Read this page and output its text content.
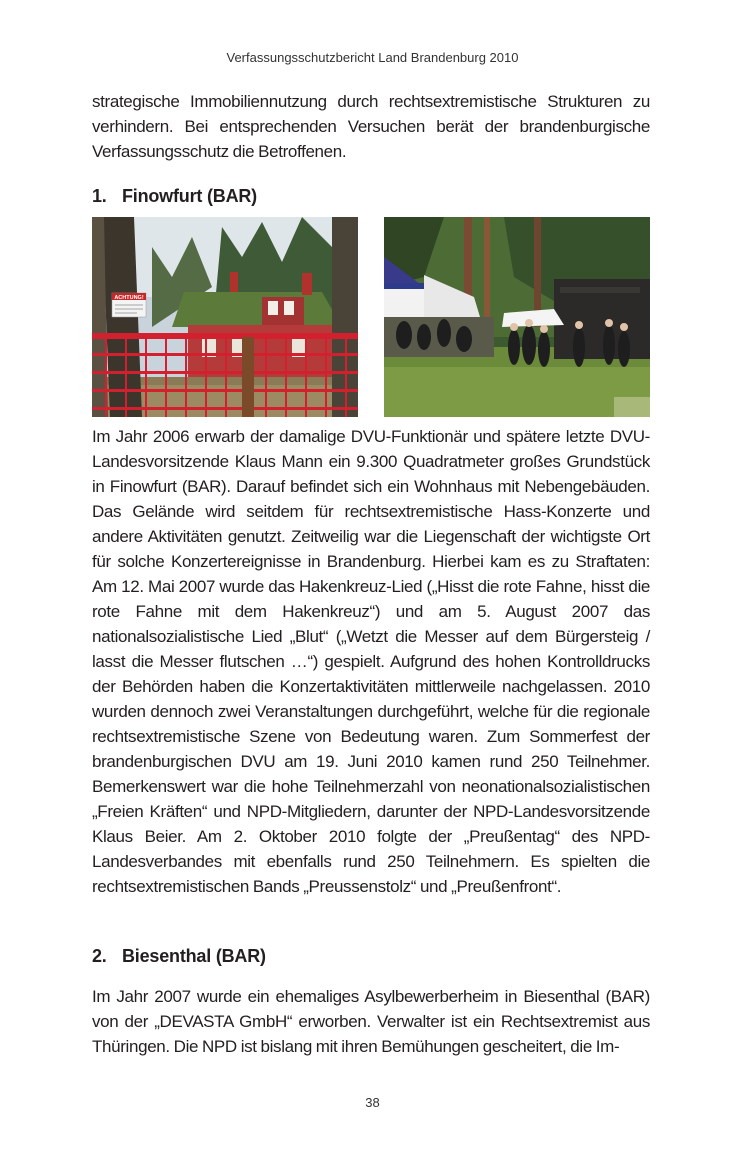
Verfassungsschutzbericht Land Brandenburg 2010

strategische Immobiliennutzung durch rechtsextremistische Strukturen zu verhindern. Bei entsprechenden Versuchen berät der brandenburgische Verfassungsschutz die Betroffenen.

1. Finowfurt (BAR)
ACHTUNG!

Im Jahr 2006 erwarb der damalige DVU-Funktionär und spätere letzte DVU-Landesvorsitzende Klaus Mann ein 9.300 Quadratmeter großes Grundstück in Finowfurt (BAR). Darauf befindet sich ein Wohnhaus mit Nebengebäuden. Das Gelände wird seitdem für rechtsextremistische Hass-Konzerte und andere Aktivitäten genutzt. Zeitweilig war die Liegenschaft der wichtigste Ort für solche Konzertereignisse in Brandenburg. Hierbei kam es zu Straftaten: Am 12. Mai 2007 wurde das Hakenkreuz-Lied („Hisst die rote Fahne, hisst die rote Fahne mit dem Hakenkreuz“) und am 5. August 2007 das nationalsozialistische Lied „Blut“ („Wetzt die Messer auf dem Bürgersteig / lasst die Messer flutschen …“) gespielt. Aufgrund des hohen Kontrolldrucks der Behörden haben die Konzertaktivitäten mittlerweile nachgelassen. 2010 wurden dennoch zwei Veranstaltungen durchgeführt, welche für die regionale rechtsextremistische Szene von Bedeutung waren. Zum Sommerfest der brandenburgischen DVU am 19. Juni 2010 kamen rund 250 Teilnehmer. Bemerkenswert war die hohe Teilnehmerzahl von neonationalsozialistischen „Freien Kräften“ und NPD-Mitgliedern, darunter der NPD-Landesvorsitzende Klaus Beier. Am 2. Oktober 2010 folgte der „Preußentag“ des NPD-Landesverbandes mit ebenfalls rund 250 Teilnehmern. Es spielten die rechtsextremistischen Bands „Preussenstolz“ und „Preußenfront“.

2. Biesenthal (BAR)

Im Jahr 2007 wurde ein ehemaliges Asylbewerberheim in Biesenthal (BAR) von der „DEVASTA GmbH“ erworben. Verwalter ist ein Rechtsextremist aus Thüringen. Die NPD ist bislang mit ihren Bemühungen gescheitert, die Im-

38
